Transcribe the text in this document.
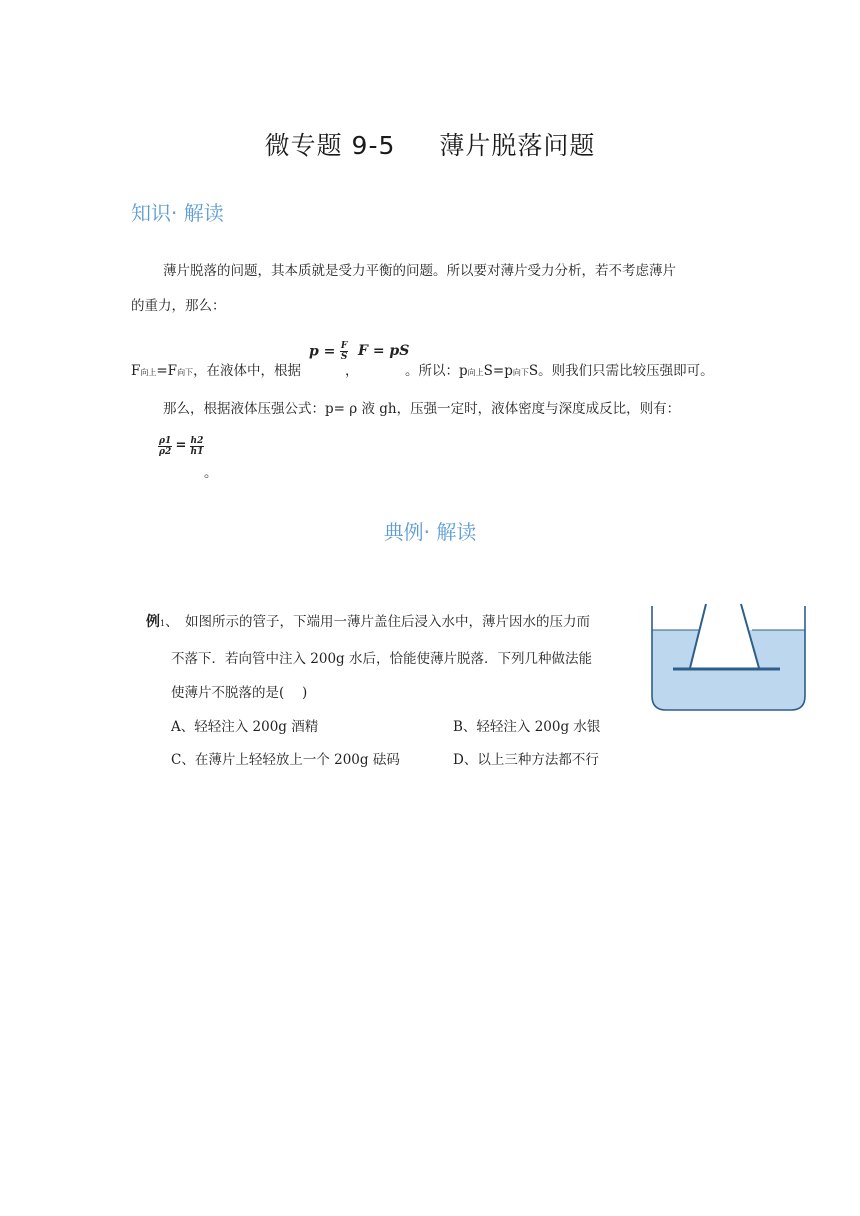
微专题 9-5 薄片脱落问题
知识· 解读
薄片脱落的问题，其本质就是受力平衡的问题。所以要对薄片受力分析，若不考虑薄片
的重力，那么：
F向上=F向下，在液体中，根据
$p = \frac{F}{S}$
，
F = pS
。所以：p向上S=p向下S。则我们只需比较压强即可。
那么，根据液体压强公式：p= ρ 液 gh，压强一定时，液体密度与深度成反比，则有：
$\frac{\rho 1}{\rho 2} = \frac{h2}{h1}$
。
典例· 解读
例1、 如图所示的管子，下端用一薄片盖住后浸入水中，薄片因水的压力而
不落下．若向管中注入 200g 水后，恰能使薄片脱落．下列几种做法能
使薄片不脱落的是(　 )
A、轻轻注入 200g 酒精	B、轻轻注入 200g 水银
C、在薄片上轻轻放上一个 200g 砝码	D、以上三种方法都不行
